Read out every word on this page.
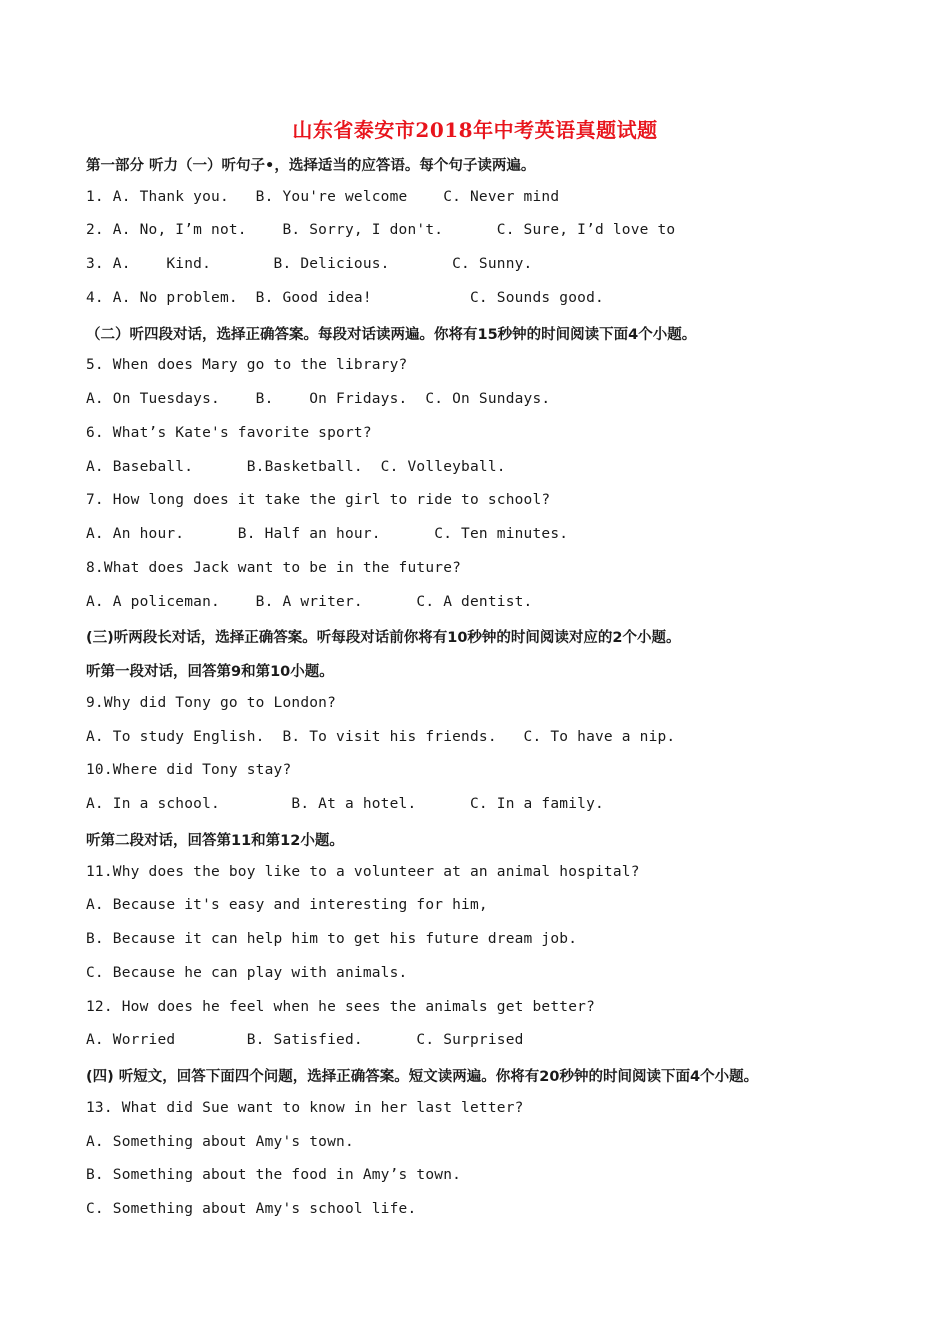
山东省泰安市2018年中考英语真题试题
第一部分 听力（一）听句子•，选择适当的应答语。每个句子读两遍。
1. A. Thank you.   B. You're welcome    C. Never mind
2. A. No, I’m not.    B. Sorry, I don't.      C. Sure, I’d love to
3. A.    Kind.       B. Delicious.       C. Sunny.
4. A. No problem.  B. Good idea!           C. Sounds good.
（二）听四段对话，选择正确答案。每段对话读两遍。你将有15秒钟的时间阅读下面4个小题。
5. When does Mary go to the library?
A. On Tuesdays.    B.    On Fridays.  C. On Sundays.
6. What’s Kate's favorite sport?
A. Baseball.      B.Basketball.  C. Volleyball.
7. How long does it take the girl to ride to school?
A. An hour.      B. Half an hour.      C. Ten minutes.
8.What does Jack want to be in the future?
A. A policeman.    B. A writer.      C. A dentist.
(三)听两段长对话，选择正确答案。听每段对话前你将有10秒钟的时间阅读对应的2个小题。
听第一段对话，回答第9和第10小题。
9.Why did Tony go to London?
A. To study English.  B. To visit his friends.   C. To have a nip.
10.Where did Tony stay?
A. In a school.        B. At a hotel.      C. In a family.
听第二段对话，回答第11和第12小题。
11.Why does the boy like to a volunteer at an animal hospital?
A. Because it's easy and interesting for him,
B. Because it can help him to get his future dream job.
C. Because he can play with animals.
12. How does he feel when he sees the animals get better?
A. Worried        B. Satisfied.      C. Surprised
(四) 听短文，回答下面四个问题，选择正确答案。短文读两遍。你将有20秒钟的时间阅读下面4个小题。
13. What did Sue want to know in her last letter?
A. Something about Amy's town.
B. Something about the food in Amy’s town.
C. Something about Amy's school life.
